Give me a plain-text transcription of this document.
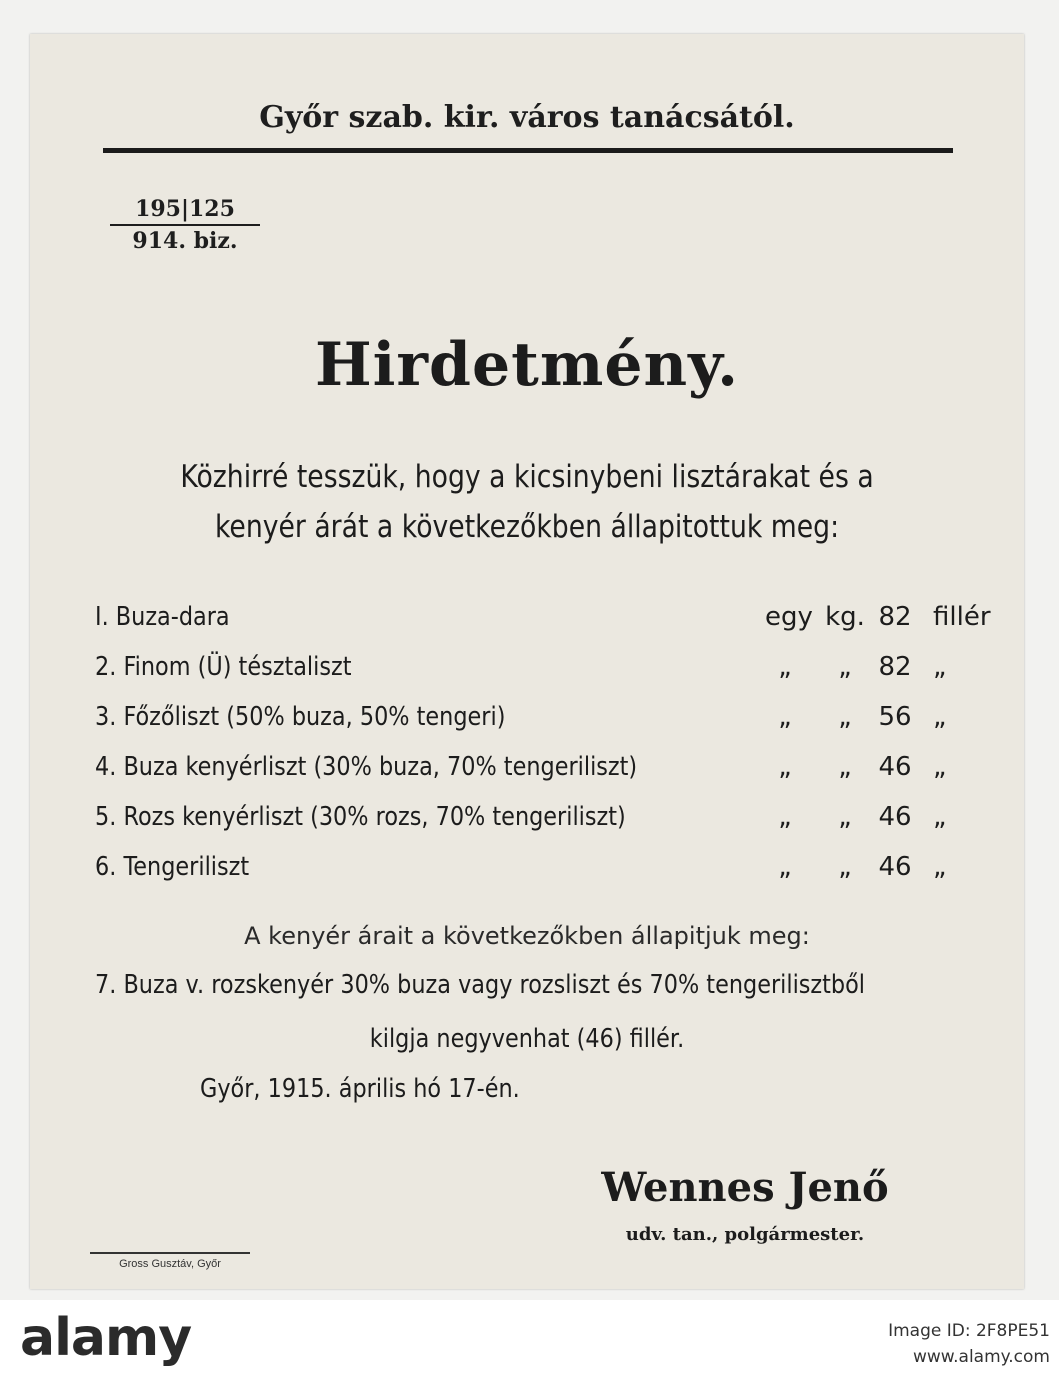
Győr szab. kir. város tanácsától.
195|125
914. biz.
Hirdetmény.
Közhirré tesszük, hogy a kicsinybeni lisztárakat és a kenyér árát a következőkben állapitottuk meg:
I. Buza-dara	egy kg. 82 fillér
2. Finom (Ü) tésztaliszt	„	„	82 „
3. Főzőliszt (50% buza, 50% tengeri)	„	„	56 „
4. Buza kenyérliszt (30% buza, 70% tengeriliszt)	„	„	46 „
5. Rozs kenyérliszt (30% rozs, 70% tengeriliszt)	„	„	46 „
6. Tengeriliszt	„	„	46 „
A kenyér árait a következőkben állapitjuk meg:
7. Buza v. rozskenyér 30% buza vagy rozsliszt és 70% tengerilisztből
kilgja negyvenhat (46) fillér.
Győr, 1915. április hó 17-én.
Wennes Jenő
udv. tan., polgármester.
Gross Gusztáv, Győr
alamy	Image ID: 2F8PE51
www.alamy.com
